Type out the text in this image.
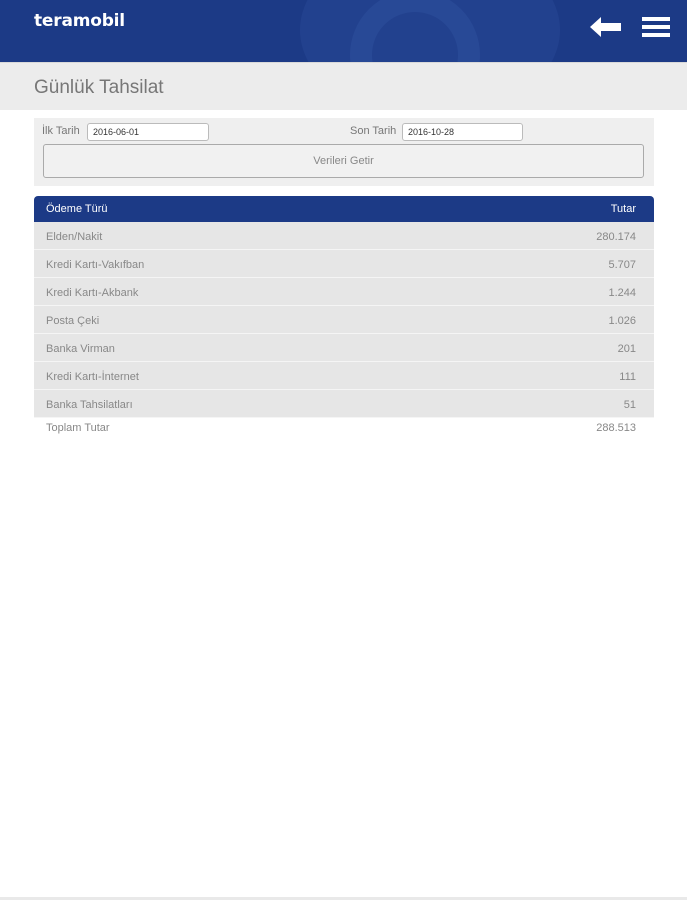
teramobil
Günlük Tahsilat
İlk Tarih
2016-06-01	Son Tarih
2016-10-28
Verileri Getir
Ödeme Türü	Tutar
Elden/Nakit	280.174
Kredi Kartı-Vakıfban	5.707
Kredi Kartı-Akbank	1.244
Posta Çeki	1.026
Banka Virman	201
Kredi Kartı-İnternet	111
Banka Tahsilatları	51
Toplam Tutar	288.513
